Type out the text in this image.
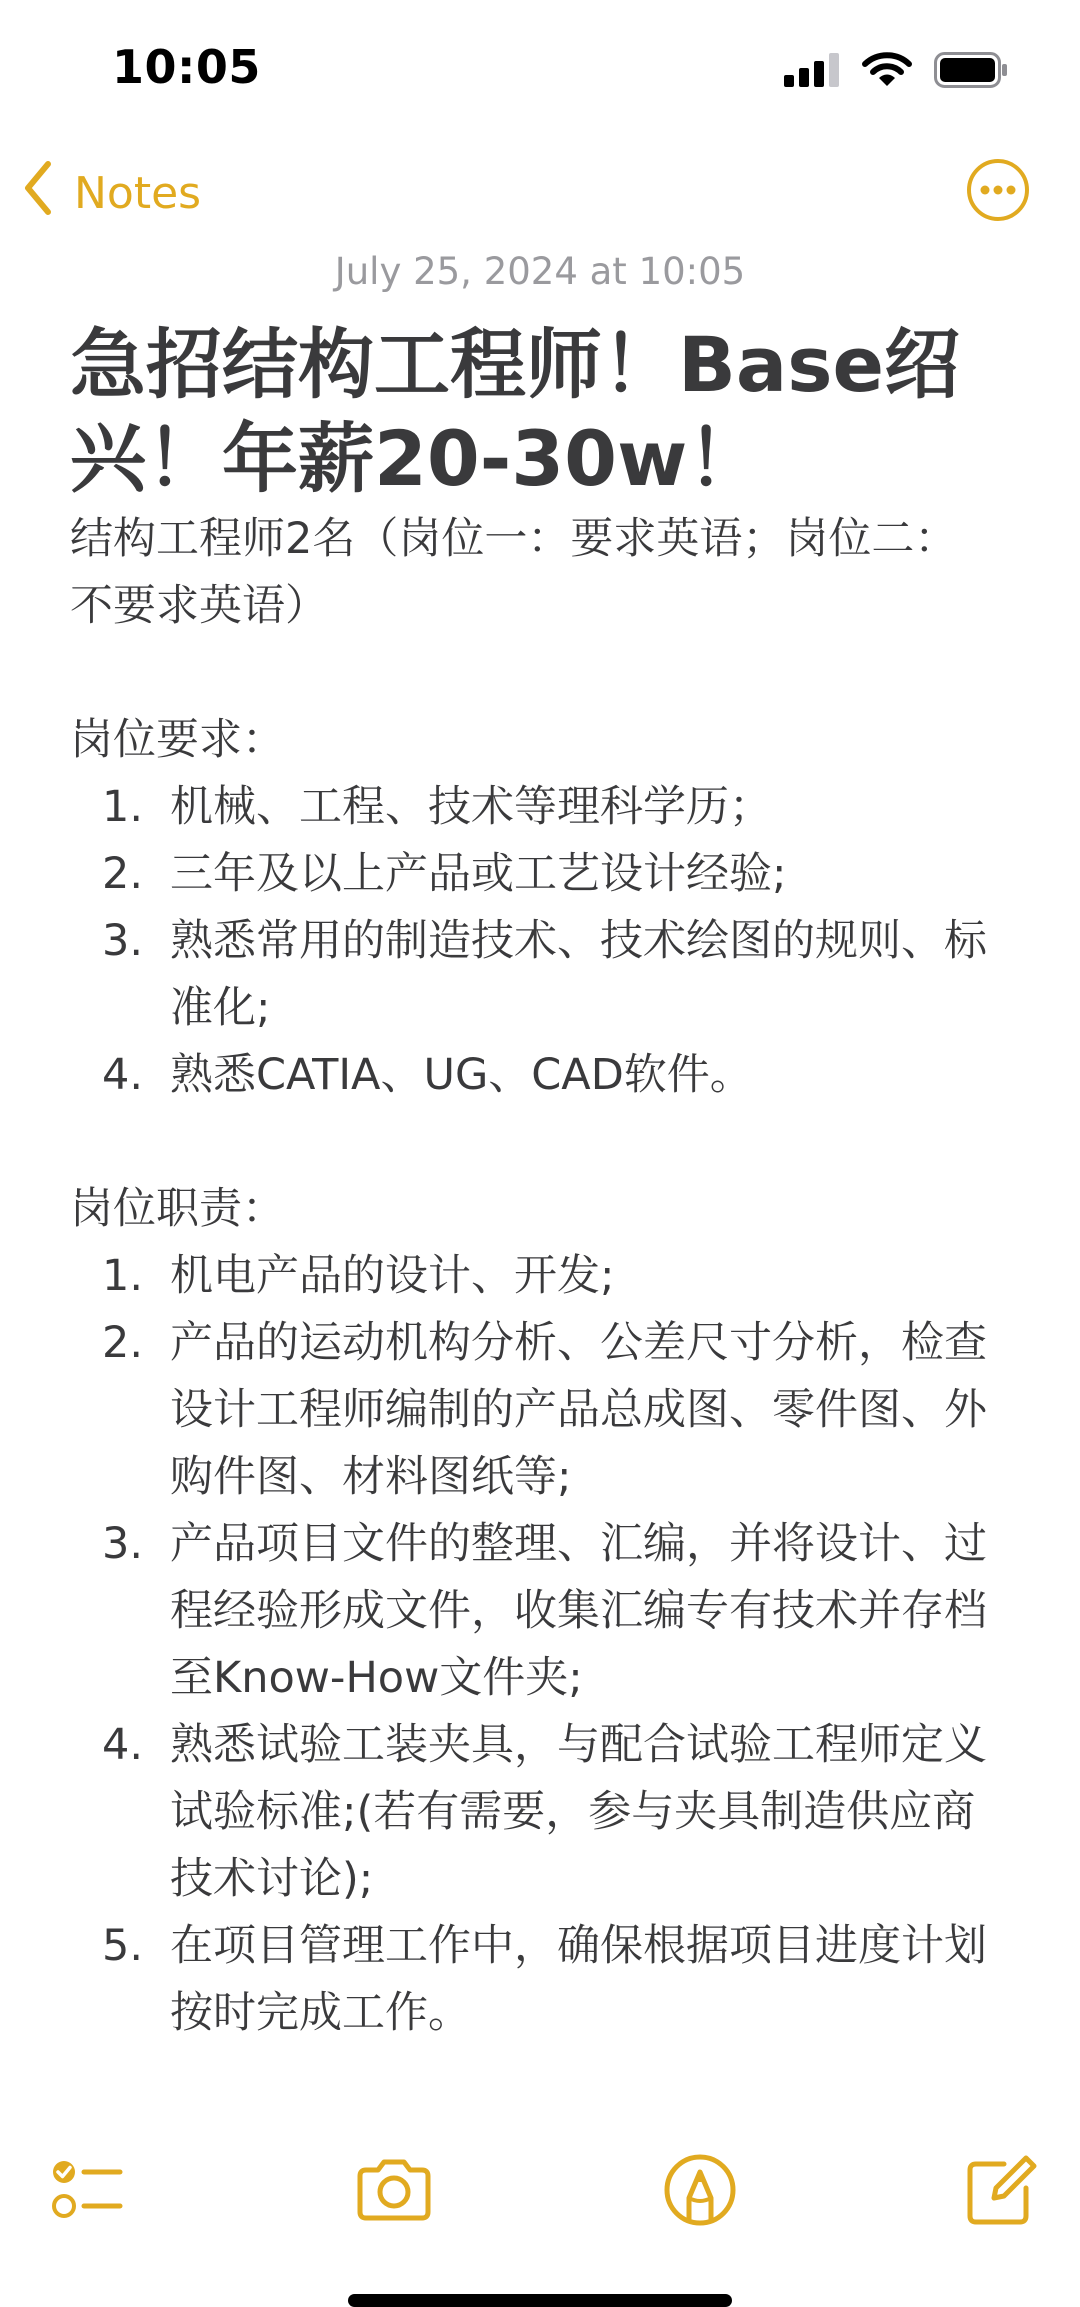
10:05
Notes
July 25, 2024 at 10:05
急招结构工程师！Base绍兴！年薪20-30w！

结构工程师2名（岗位一：要求英语；岗位二：不要求英语）

岗位要求：

1. 机械、工程、技术等理科学历；
2. 三年及以上产品或工艺设计经验;
3. 熟悉常用的制造技术、技术绘图的规则、标准化;
4. 熟悉CATIA、UG、CAD软件。

岗位职责：

1. 机电产品的设计、开发;
2. 产品的运动机构分析、公差尺寸分析，检查设计工程师编制的产品总成图、零件图、外购件图、材料图纸等;
3. 产品项目文件的整理、汇编，并将设计、过程经验形成文件，收集汇编专有技术并存档至Know-How文件夹;
4. 熟悉试验工装夹具，与配合试验工程师定义试验标准;(若有需要，参与夹具制造供应商技术讨论);
5. 在项目管理工作中，确保根据项目进度计划按时完成工作。
